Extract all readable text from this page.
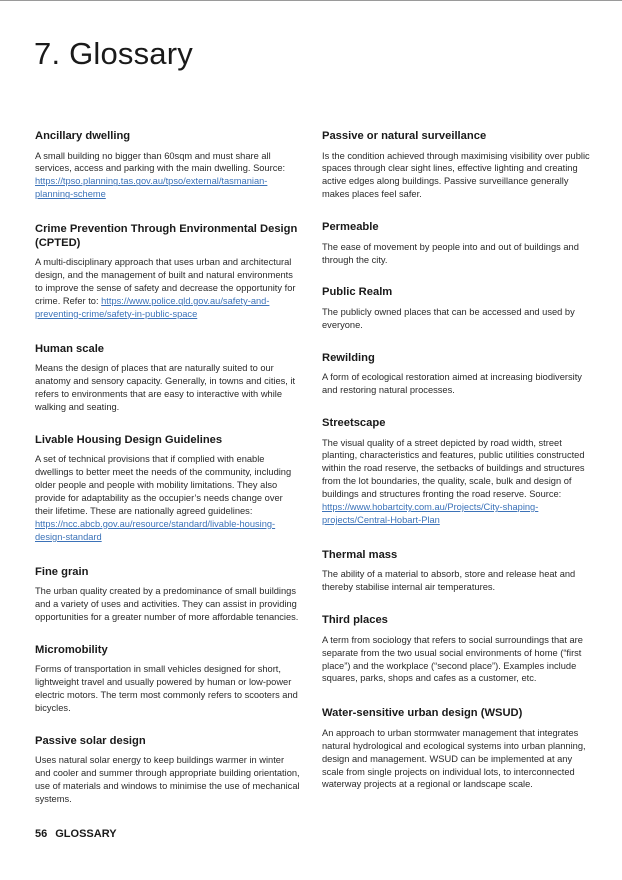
7. Glossary
Ancillary dwelling

A small building no bigger than 60sqm and must share all services, access and parking with the main dwelling. Source: https://tpso.planning.tas.gov.au/tpso/external/tasmanian-planning-scheme

Crime Prevention Through Environmental Design (CPTED)

A multi-disciplinary approach that uses urban and architectural design, and the management of built and natural environments to improve the sense of safety and decrease the opportunity for crime. Refer to: https://www.police.qld.gov.au/safety-and-preventing-crime/safety-in-public-space

Human scale

Means the design of places that are naturally suited to our anatomy and sensory capacity. Generally, in towns and cities, it refers to environments that are easy to interactive with while walking and seating.

Livable Housing Design Guidelines

A set of technical provisions that if complied with enable dwellings to better meet the needs of the community, including older people and people with mobility limitations. They also provide for adaptability as the occupier’s needs change over their lifetime. These are nationally agreed guidelines: https://ncc.abcb.gov.au/resource/standard/livable-housing-design-standard

Fine grain

The urban quality created by a predominance of small buildings and a variety of uses and activities. They can assist in providing opportunities for a greater number of more affordable tenancies.

Micromobility

Forms of transportation in small vehicles designed for short, lightweight travel and usually powered by human or low-power electric motors. The term most commonly refers to scooters and bicycles.

Passive solar design

Uses natural solar energy to keep buildings warmer in winter and cooler and summer through appropriate building orientation, use of materials and windows to minimise the use of mechanical systems.

Passive or natural surveillance

Is the condition achieved through maximising visibility over public spaces through clear sight lines, effective lighting and creating active edges along buildings. Passive surveillance generally makes places feel safer.

Permeable

The ease of movement by people into and out of buildings and through the city.

Public Realm

The publicly owned places that can be accessed and used by everyone.

Rewilding

A form of ecological restoration aimed at increasing biodiversity and restoring natural processes.

Streetscape

The visual quality of a street depicted by road width, street planting, characteristics and features, public utilities constructed within the road reserve, the setbacks of buildings and structures from the lot boundaries, the quality, scale, bulk and design of buildings and structures fronting the road reserve. Source: https://www.hobartcity.com.au/Projects/City-shaping-projects/Central-Hobart-Plan

Thermal mass

The ability of a material to absorb, store and release heat and thereby stabilise internal air temperatures.

Third places

A term from sociology that refers to social surroundings that are separate from the two usual social environments of home (“first place”) and the workplace (“second place”). Examples include squares, parks, shops and cafes as a customer, etc.

Water-sensitive urban design (WSUD)

An approach to urban stormwater management that integrates natural hydrological and ecological systems into urban planning, design and management. WSUD can be implemented at any scale from single projects on individual lots, to interconnected waterway projects at a regional or landscape scale.

56 GLOSSARY
